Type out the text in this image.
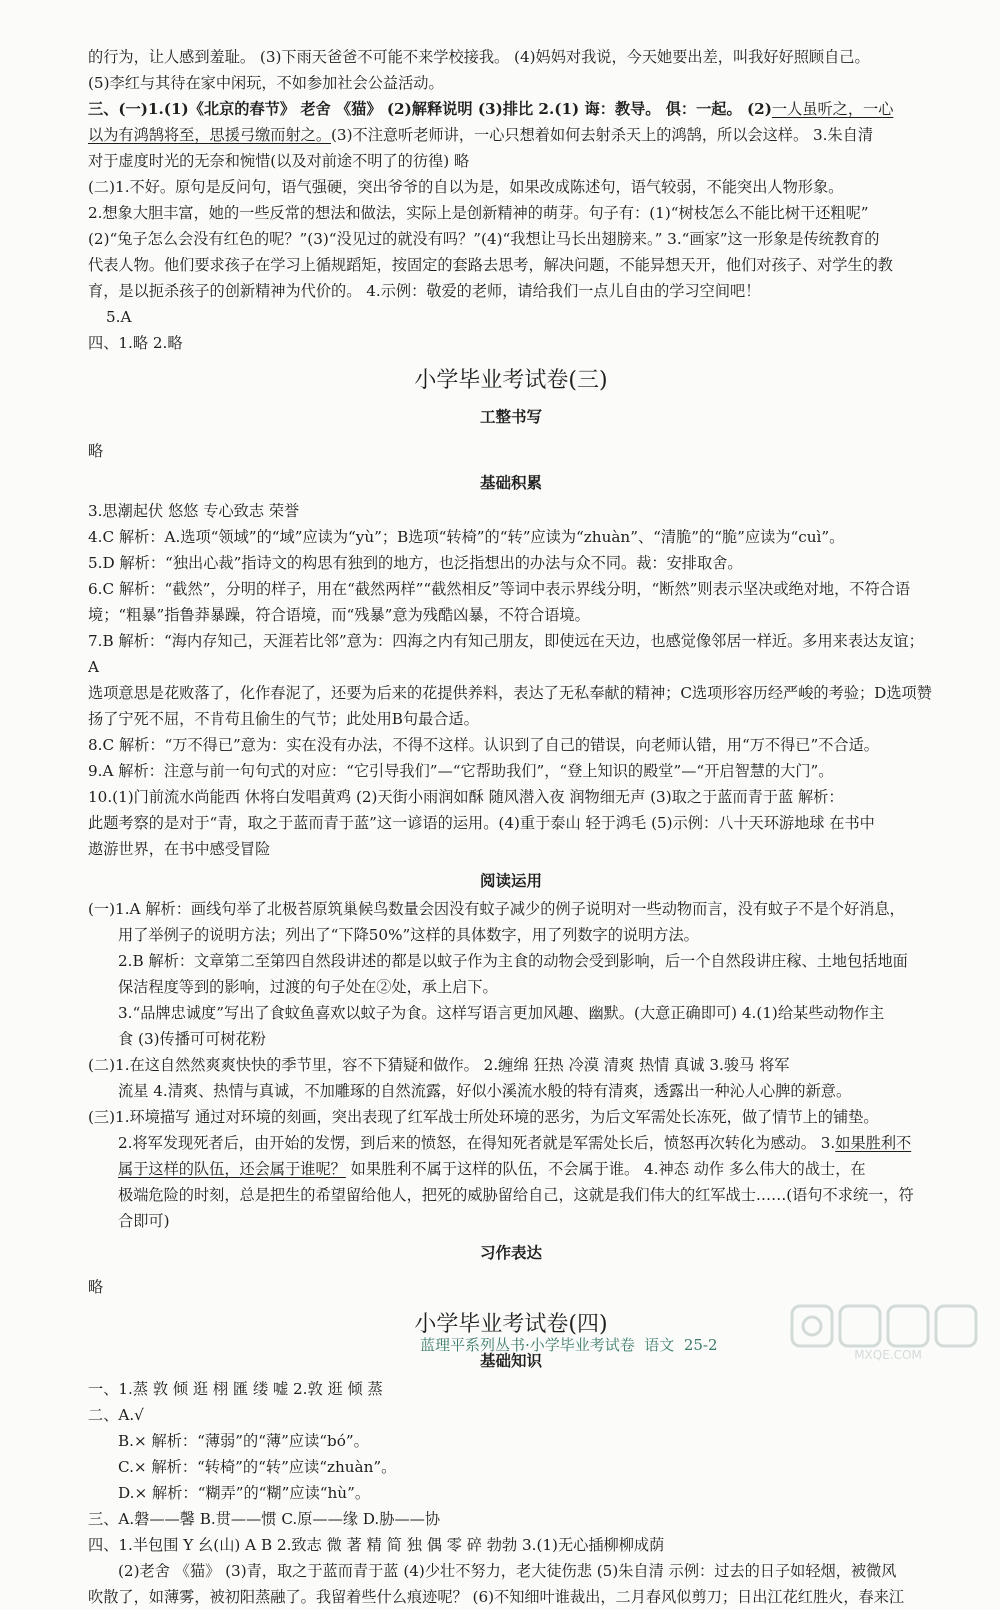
的行为，让人感到羞耻。 (3)下雨天爸爸不可能不来学校接我。 (4)妈妈对我说，今天她要出差，叫我好好照顾自己。

(5)李红与其待在家中闲玩，不如参加社会公益活动。

三、(一)1.(1)《北京的春节》 老舍 《猫》 (2)解释说明 (3)排比 2.(1) 诲：教导。 俱：一起。 (2)一人虽听之，一心

以为有鸿鹄将至，思援弓缴而射之。(3)不注意听老师讲，一心只想着如何去射杀天上的鸿鹄，所以会这样。 3.朱自清

对于虚度时光的无奈和惋惜(以及对前途不明了的彷徨) 略

(二)1.不好。原句是反问句，语气强硬，突出爷爷的自以为是，如果改成陈述句，语气较弱，不能突出人物形象。

2.想象大胆丰富，她的一些反常的想法和做法，实际上是创新精神的萌芽。句子有：(1)“树枝怎么不能比树干还粗呢”

(2)“兔子怎么会没有红色的呢？”(3)“没见过的就没有吗？”(4)“我想让马长出翅膀来。” 3.“画家”这一形象是传统教育的

代表人物。他们要求孩子在学习上循规蹈矩，按固定的套路去思考，解决问题，不能异想天开，他们对孩子、对学生的教

育，是以扼杀孩子的创新精神为代价的。 4.示例：敬爱的老师，请给我们一点儿自由的学习空间吧！

5.A

四、1.略 2.略

小学毕业考试卷(三)
工整书写

略

基础积累

3.思潮起伏 悠悠 专心致志 荣誉

4.C 解析：A.选项“领域”的“域”应读为“yù”；B选项“转椅”的“转”应读为“zhuàn”、“清脆”的“脆”应读为“cuì”。

5.D 解析：“独出心裁”指诗文的构思有独到的地方，也泛指想出的办法与众不同。裁：安排取舍。

6.C 解析：“截然”，分明的样子，用在“截然两样”“截然相反”等词中表示界线分明，“断然”则表示坚决或绝对地，不符合语

境；“粗暴”指鲁莽暴躁，符合语境，而“残暴”意为残酷凶暴，不符合语境。

7.B 解析：“海内存知己，天涯若比邻”意为：四海之内有知己朋友，即使远在天边，也感觉像邻居一样近。多用来表达友谊；A

选项意思是花败落了，化作春泥了，还要为后来的花提供养料，表达了无私奉献的精神；C选项形容历经严峻的考验；D选项赞

扬了宁死不屈，不肯苟且偷生的气节；此处用B句最合适。

8.C 解析：“万不得已”意为：实在没有办法，不得不这样。认识到了自己的错误，向老师认错，用“万不得已”不合适。

9.A 解析：注意与前一句句式的对应：“它引导我们”—“它帮助我们”，“登上知识的殿堂”—“开启智慧的大门”。

10.(1)门前流水尚能西 休将白发唱黄鸡 (2)天街小雨润如酥 随风潜入夜 润物细无声 (3)取之于蓝而青于蓝 解析：

此题考察的是对于“青，取之于蓝而青于蓝”这一谚语的运用。(4)重于泰山 轻于鸿毛 (5)示例：八十天环游地球 在书中

遨游世界，在书中感受冒险

阅读运用

(一)1.A 解析：画线句举了北极苔原筑巢候鸟数量会因没有蚊子减少的例子说明对一些动物而言，没有蚊子不是个好消息，

用了举例子的说明方法；列出了“下降50%”这样的具体数字，用了列数字的说明方法。

2.B 解析：文章第二至第四自然段讲述的都是以蚊子作为主食的动物会受到影响，后一个自然段讲庄稼、土地包括地面

保洁程度等到的影响，过渡的句子处在②处，承上启下。

3.“品牌忠诚度”写出了食蚊鱼喜欢以蚊子为食。这样写语言更加风趣、幽默。(大意正确即可) 4.(1)给某些动物作主

食 (3)传播可可树花粉

(二)1.在这自然然爽爽快快的季节里，容不下猜疑和做作。 2.缠绵 狂热 冷漠 清爽 热情 真诚 3.骏马 将军

流星 4.清爽、热情与真诚，不加雕琢的自然流露，好似小溪流水般的特有清爽，透露出一种沁人心脾的新意。

(三)1.环境描写 通过对环境的刻画，突出表现了红军战士所处环境的恶劣，为后文军需处长冻死，做了情节上的铺垫。

2.将军发现死者后，由开始的发愣，到后来的愤怒，在得知死者就是军需处长后，愤怒再次转化为感动。 3.如果胜利不

属于这样的队伍，还会属于谁呢？ 如果胜利不属于这样的队伍，不会属于谁。 4.神态 动作 多么伟大的战士，在

极端危险的时刻，总是把生的希望留给他人，把死的威胁留给自己，这就是我们伟大的红军战士……(语句不求统一，符

合即可)

习作表达

略

小学毕业考试卷(四)
基础知识

一、1.蒸 敦 倾 逛 栩 匯 缕 嘘 2.敦 逛 倾 蒸

二、A.√

B.× 解析：“薄弱”的“薄”应读“bó”。

C.× 解析：“转椅”的“转”应读“zhuàn”。

D.× 解析：“糊弄”的“糊”应读“hù”。

三、A.磐——馨 B.贯——惯 C.原——缘 D.胁——协

四、1.半包围 Y 幺(山) A B 2.致志 微 著 精 简 独 偶 零 碎 勃勃 3.(1)无心插柳柳成荫

(2)老舍 《猫》 (3)青，取之于蓝而青于蓝 (4)少壮不努力，老大徒伤悲 (5)朱自清 示例：过去的日子如轻烟，被微风

吹散了，如薄雾，被初阳蒸融了。我留着些什么痕迹呢？ (6)不知细叶谁裁出，二月春风似剪刀；日出江花红胜火，春来江

蓝理平系列丛书·小学毕业考试卷  语文  25-2
MXQE.COM
